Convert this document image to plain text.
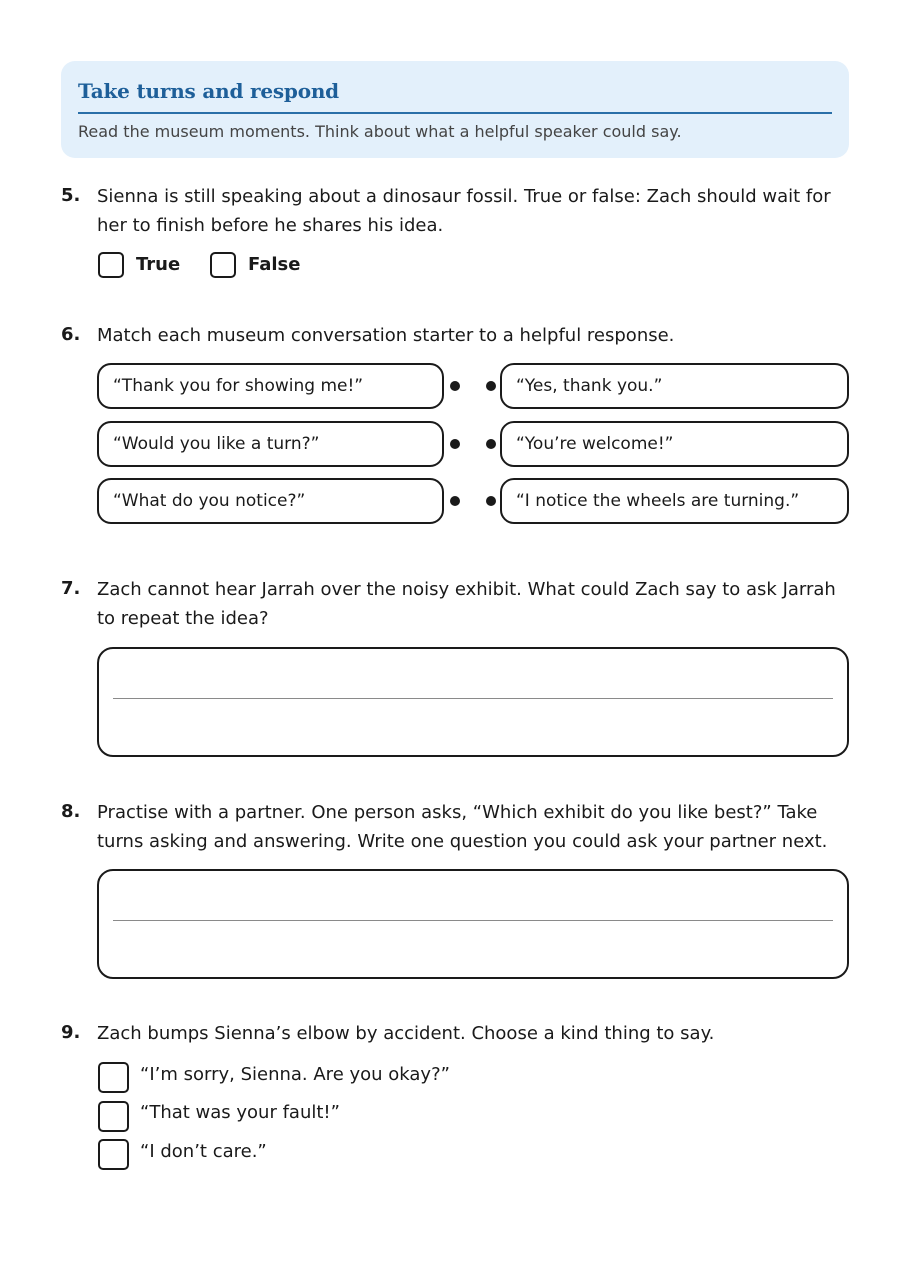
Take turns and respond
Read the museum moments. Think about what a helpful speaker could say.
5. Sienna is still speaking about a dinosaur fossil. True or false: Zach should wait for her to finish before he shares his idea.
True	False
6. Match each museum conversation starter to a helpful response.
“Thank you for showing me!”	“Yes, thank you.”
“Would you like a turn?”	“You’re welcome!”
“What do you notice?”	“I notice the wheels are turning.”
7. Zach cannot hear Jarrah over the noisy exhibit. What could Zach say to ask Jarrah to repeat the idea?
8. Practise with a partner. One person asks, “Which exhibit do you like best?” Take turns asking and answering. Write one question you could ask your partner next.
9. Zach bumps Sienna’s elbow by accident. Choose a kind thing to say.
“I’m sorry, Sienna. Are you okay?”
“That was your fault!”
“I don’t care.”
